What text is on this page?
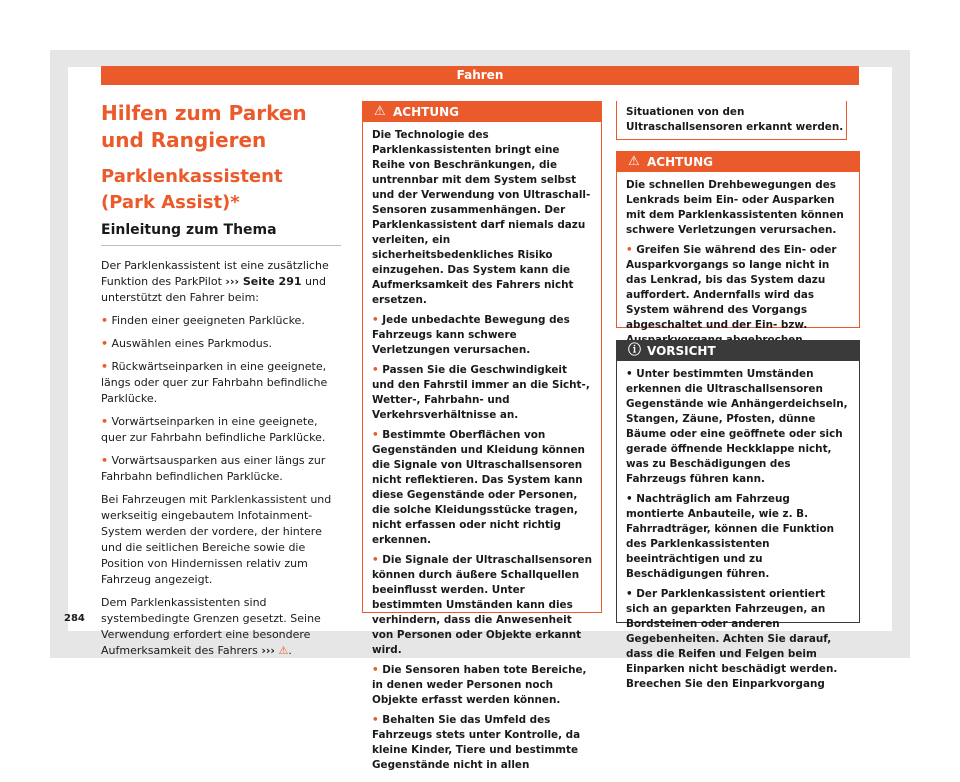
Fahren
Hilfen zum Parken und Rangieren
Parklenkassistent (Park Assist)*
Einleitung zum Thema

Der Parklenkassistent ist eine zusätzliche Funktion des ParkPilot ››› Seite 291 und unterstützt den Fahrer beim:

• Finden einer geeigneten Parklücke.

• Auswählen eines Parkmodus.

• Rückwärtseinparken in eine geeignete, längs oder quer zur Fahrbahn befindliche Parklücke.

• Vorwärtseinparken in eine geeignete, quer zur Fahrbahn befindliche Parklücke.

• Vorwärtsausparken aus einer längs zur Fahrbahn befindlichen Parklücke.

Bei Fahrzeugen mit Parklenkassistent und werkseitig eingebautem Infotainment-System werden der vordere, der hintere und die seitlichen Bereiche sowie die Position von Hindernissen relativ zum Fahrzeug angezeigt.

Dem Parklenkassistenten sind systembedingte Grenzen gesetzt. Seine Verwendung erfordert eine besondere Aufmerksamkeit des Fahrers ››› ⚠.

⚠ ACHTUNG

Die Technologie des Parklenkassistenten bringt eine Reihe von Beschränkungen, die untrennbar mit dem System selbst und der Verwendung von Ultraschall-Sensoren zusammenhängen. Der Parklenkassistent darf niemals dazu verleiten, ein sicherheitsbedenkliches Risiko einzugehen. Das System kann die Aufmerksamkeit des Fahrers nicht ersetzen.

• Jede unbedachte Bewegung des Fahrzeugs kann schwere Verletzungen verursachen.

• Passen Sie die Geschwindigkeit und den Fahrstil immer an die Sicht-, Wetter-, Fahrbahn- und Verkehrsverhältnisse an.

• Bestimmte Oberflächen von Gegenständen und Kleidung können die Signale von Ultraschallsensoren nicht reflektieren. Das System kann diese Gegenstände oder Personen, die solche Kleidungsstücke tragen, nicht erfassen oder nicht richtig erkennen.

• Die Signale der Ultraschallsensoren können durch äußere Schallquellen beeinflusst werden. Unter bestimmten Umständen kann dies verhindern, dass die Anwesenheit von Personen oder Objekte erkannt wird.

• Die Sensoren haben tote Bereiche, in denen weder Personen noch Objekte erfasst werden können.

• Behalten Sie das Umfeld des Fahrzeugs stets unter Kontrolle, da kleine Kinder, Tiere und bestimmte Gegenstände nicht in allen

Situationen von den Ultraschallsensoren erkannt werden.

⚠ ACHTUNG

Die schnellen Drehbewegungen des Lenkrads beim Ein- oder Ausparken mit dem Parklenkassistenten können schwere Verletzungen verursachen.

• Greifen Sie während des Ein- oder Ausparkvorgangs so lange nicht in das Lenkrad, bis das System dazu auffordert. Andernfalls wird das System während des Vorgangs abgeschaltet und der Ein- bzw.

ⓘ VORSICHT

• Unter bestimmten Umständen erkennen die Ultraschallsensoren Gegenstände wie Anhängerdeichseln, Stangen, Zäune, Pfosten, dünne Bäume oder eine geöffnete oder sich gerade öffnende Heckklappe nicht, was zu Beschädigungen des Fahrzeugs führen kann.

• Nachträglich am Fahrzeug montierte Anbauteile, wie z. B. Fahrradträger, können die Funktion des Parklenkassistenten beeinträchtigen und zu Beschädigungen führen.

• Der Parklenkassistent orientiert sich an geparkten Fahrzeugen, an Bordsteinen oder anderen Gegebenheiten. Achten Sie darauf, dass die Reifen und Felgen beim Einparken nicht beschädigt werden. Breechen Sie den Einparkvorgang

284
